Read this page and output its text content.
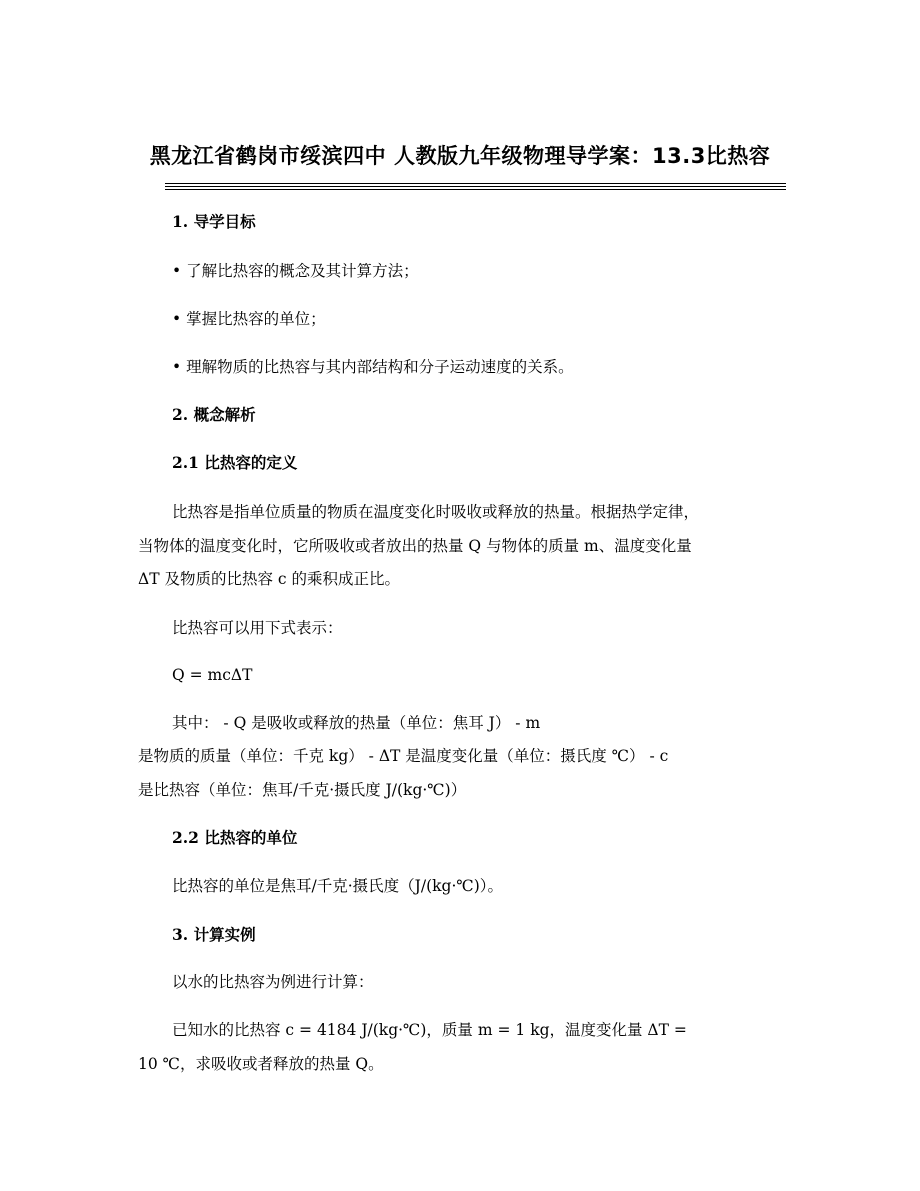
黑龙江省鹤岗市绥滨四中 人教版九年级物理导学案：13.3比热容
1. 导学目标
• 了解比热容的概念及其计算方法；
• 掌握比热容的单位；
• 理解物质的比热容与其内部结构和分子运动速度的关系。
2. 概念解析
2.1 比热容的定义
比热容是指单位质量的物质在温度变化时吸收或释放的热量。根据热学定律，
当物体的温度变化时，它所吸收或者放出的热量 Q 与物体的质量 m、温度变化量
ΔT 及物质的比热容 c 的乘积成正比。
比热容可以用下式表示：
Q = mcΔT
其中： - Q 是吸收或释放的热量（单位：焦耳 J） - m
是物质的质量（单位：千克 kg） - ΔT 是温度变化量（单位：摄氏度 ℃） - c
是比热容（单位：焦耳/千克·摄氏度 J/(kg·℃)）
2.2 比热容的单位
比热容的单位是焦耳/千克·摄氏度（J/(kg·℃)）。
3. 计算实例
以水的比热容为例进行计算：
已知水的比热容 c = 4184 J/(kg·℃)，质量 m = 1 kg，温度变化量 ΔT =
10 ℃，求吸收或者释放的热量 Q。
